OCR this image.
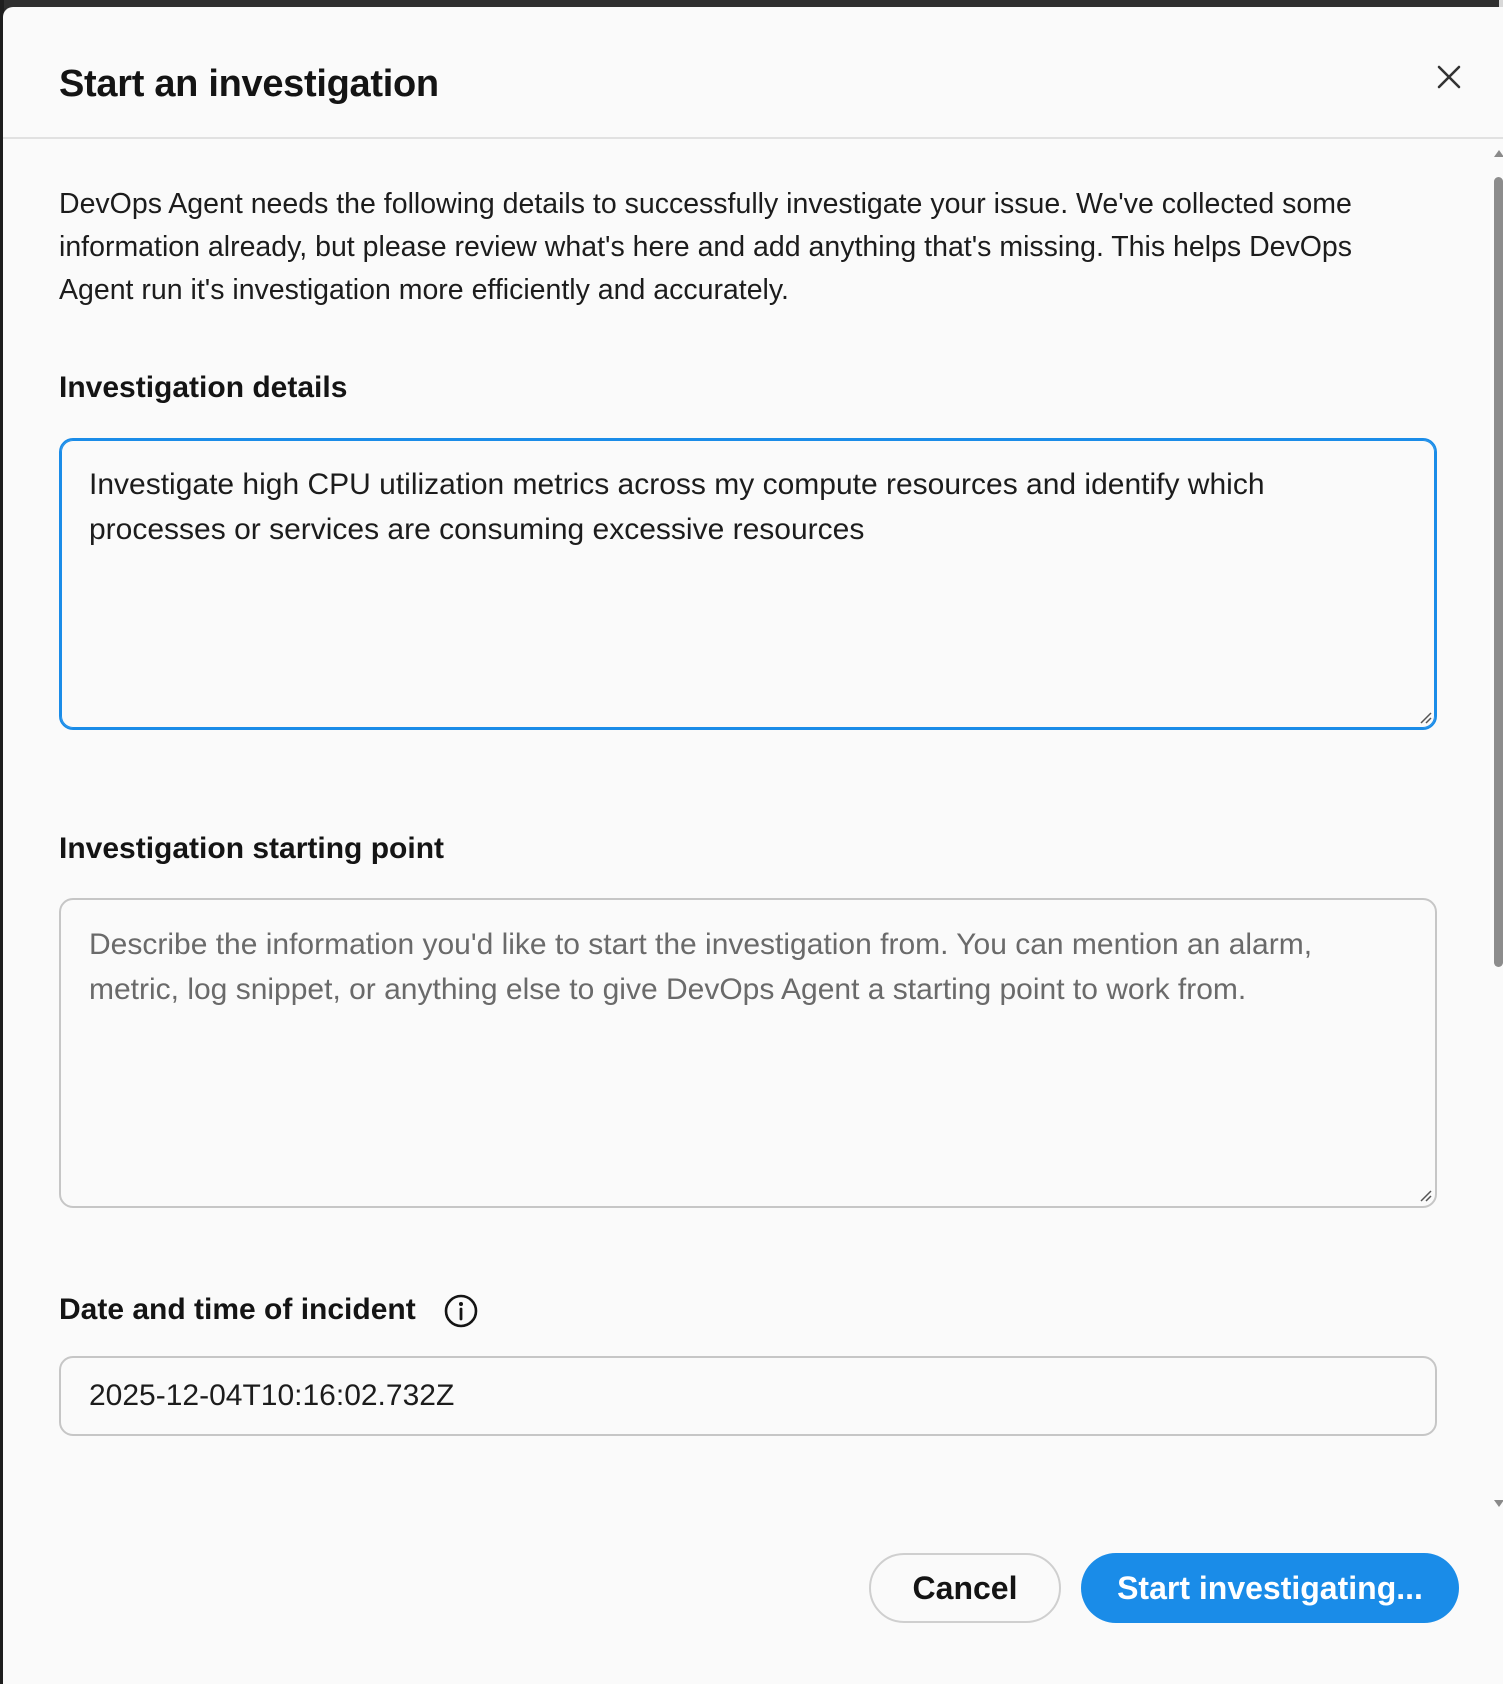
Start an investigation
DevOps Agent needs the following details to successfully investigate your issue. We've collected some information already, but please review what's here and add anything that's missing. This helps DevOps Agent run it's investigation more efficiently and accurately.
Investigation details
Investigate high CPU utilization metrics across my compute resources and identify which processes or services are consuming excessive resources
Investigation starting point
Describe the information you'd like to start the investigation from. You can mention an alarm, metric, log snippet, or anything else to give DevOps Agent a starting point to work from.
Date and time of incident
2025-12-04T10:16:02.732Z
Cancel	Start investigating...
